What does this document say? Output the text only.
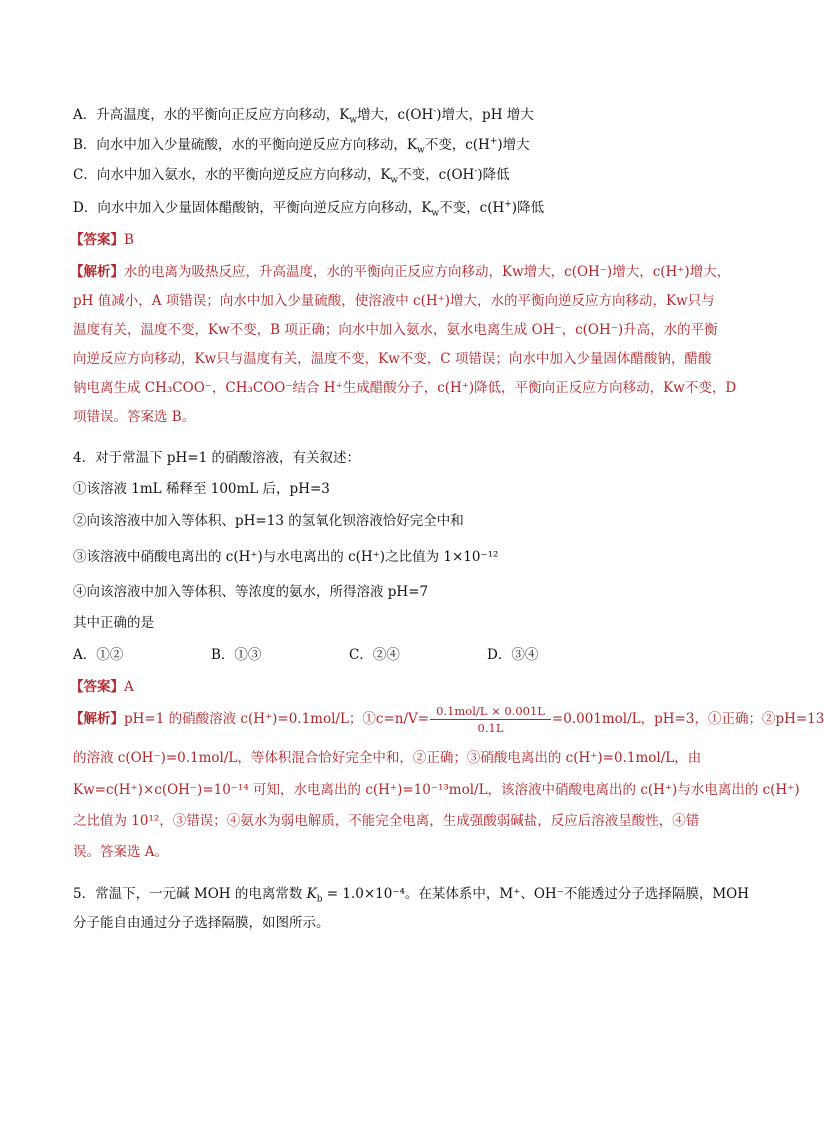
A．升高温度，水的平衡向正反应方向移动，$K_w$增大，c(OH-)增大，pH 增大
B．向水中加入少量硫酸，水的平衡向逆反应方向移动，$K_w$不变，c(H+)增大
C．向水中加入氨水，水的平衡向逆反应方向移动，$K_w$不变，c(OH-)降低
D．向水中加入少量固体醋酸钠，平衡向逆反应方向移动，$K_w$不变，c(H+)降低
【答案】B
【解析】水的电离为吸热反应，升高温度，水的平衡向正反应方向移动，Kw增大，c(OH⁻)增大，c(H⁺)增大，
pH 值减小，A 项错误；向水中加入少量硫酸，使溶液中 c(H⁺)增大，水的平衡向逆反应方向移动，Kw只与
温度有关，温度不变，Kw不变，B 项正确；向水中加入氨水，氨水电离生成 OH⁻，c(OH⁻)升高，水的平衡
向逆反应方向移动，Kw只与温度有关，温度不变，Kw不变，C 项错误；向水中加入少量固体醋酸钠，醋酸
钠电离生成 CH₃COO⁻，CH₃COO⁻结合 H⁺生成醋酸分子，c(H⁺)降低，平衡向正反应方向移动，Kw不变，D
项错误。答案选 B。
4．对于常温下 pH=1 的硝酸溶液，有关叙述：
①该溶液 1mL 稀释至 100mL 后，pH=3
②向该溶液中加入等体积、pH=13 的氢氧化钡溶液恰好完全中和
③该溶液中硝酸电离出的 c(H⁺)与水电离出的 c(H⁺)之比值为 1×10⁻¹²
④向该溶液中加入等体积、等浓度的氨水，所得溶液 pH=7
其中正确的是
A．①②	B．①③	C．②④	D．③④
【答案】A
【解析】pH=1 的硝酸溶液 c(H⁺)=0.1mol/L；①c=n/V= $\frac{\text{0.1mol/L × 0.001L}}{0.1L} =0.001mol/L$，pH=3，①正确；②pH=13
的溶液 c(OH⁻)=0.1mol/L，等体积混合恰好完全中和，②正确；③硝酸电离出的 c(H⁺)=0.1mol/L，由
Kw=c(H⁺)×c(OH⁻)=10⁻¹⁴ 可知，水电离出的 c(H⁺)=10⁻¹³mol/L，该溶液中硝酸电离出的 c(H⁺)与水电离出的 c(H⁺)
之比值为 10¹²，③错误；④氨水为弱电解质，不能完全电离，生成强酸弱碱盐，反应后溶液呈酸性，④错
误。答案选 A。
5．常温下，一元碱 MOH 的电离常数 $K_b = 1.0\times 10^{-4}$。在某体系中，M⁺、OH⁻不能透过分子选择隔膜，MOH
分子能自由通过分子选择隔膜，如图所示。
